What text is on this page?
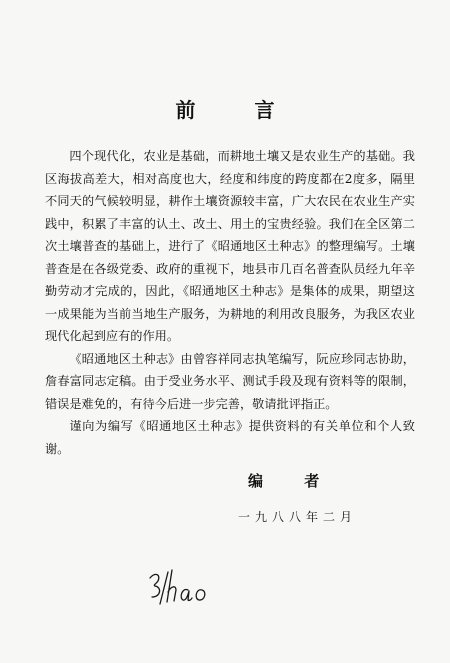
前 言

四个现代化，农业是基础，而耕地土壤又是农业生产的基础。我区海拔高差大，相对高度也大，经度和纬度的跨度都在2度多，隔里不同天的气候较明显，耕作土壤资源较丰富，广大农民在农业生产实践中，积累了丰富的认土、改土、用土的宝贵经验。我们在全区第二次土壤普查的基础上，进行了《昭通地区土种志》的整理编写。土壤普查是在各级党委、政府的重视下，地县市几百名普查队员经九年辛勤劳动才完成的，因此，《昭通地区土种志》是集体的成果，期望这一成果能为当前当地生产服务，为耕地的利用改良服务，为我区农业现代化起到应有的作用。

《昭通地区土种志》由曾容祥同志执笔编写，阮应珍同志协助，詹春富同志定稿。由于受业务水平、测试手段及现有资料等的限制，错误是难免的，有待今后进一步完善，敬请批评指正。

谨向为编写《昭通地区土种志》提供资料的有关单位和个人致谢。

编 者
一九八八年二月
